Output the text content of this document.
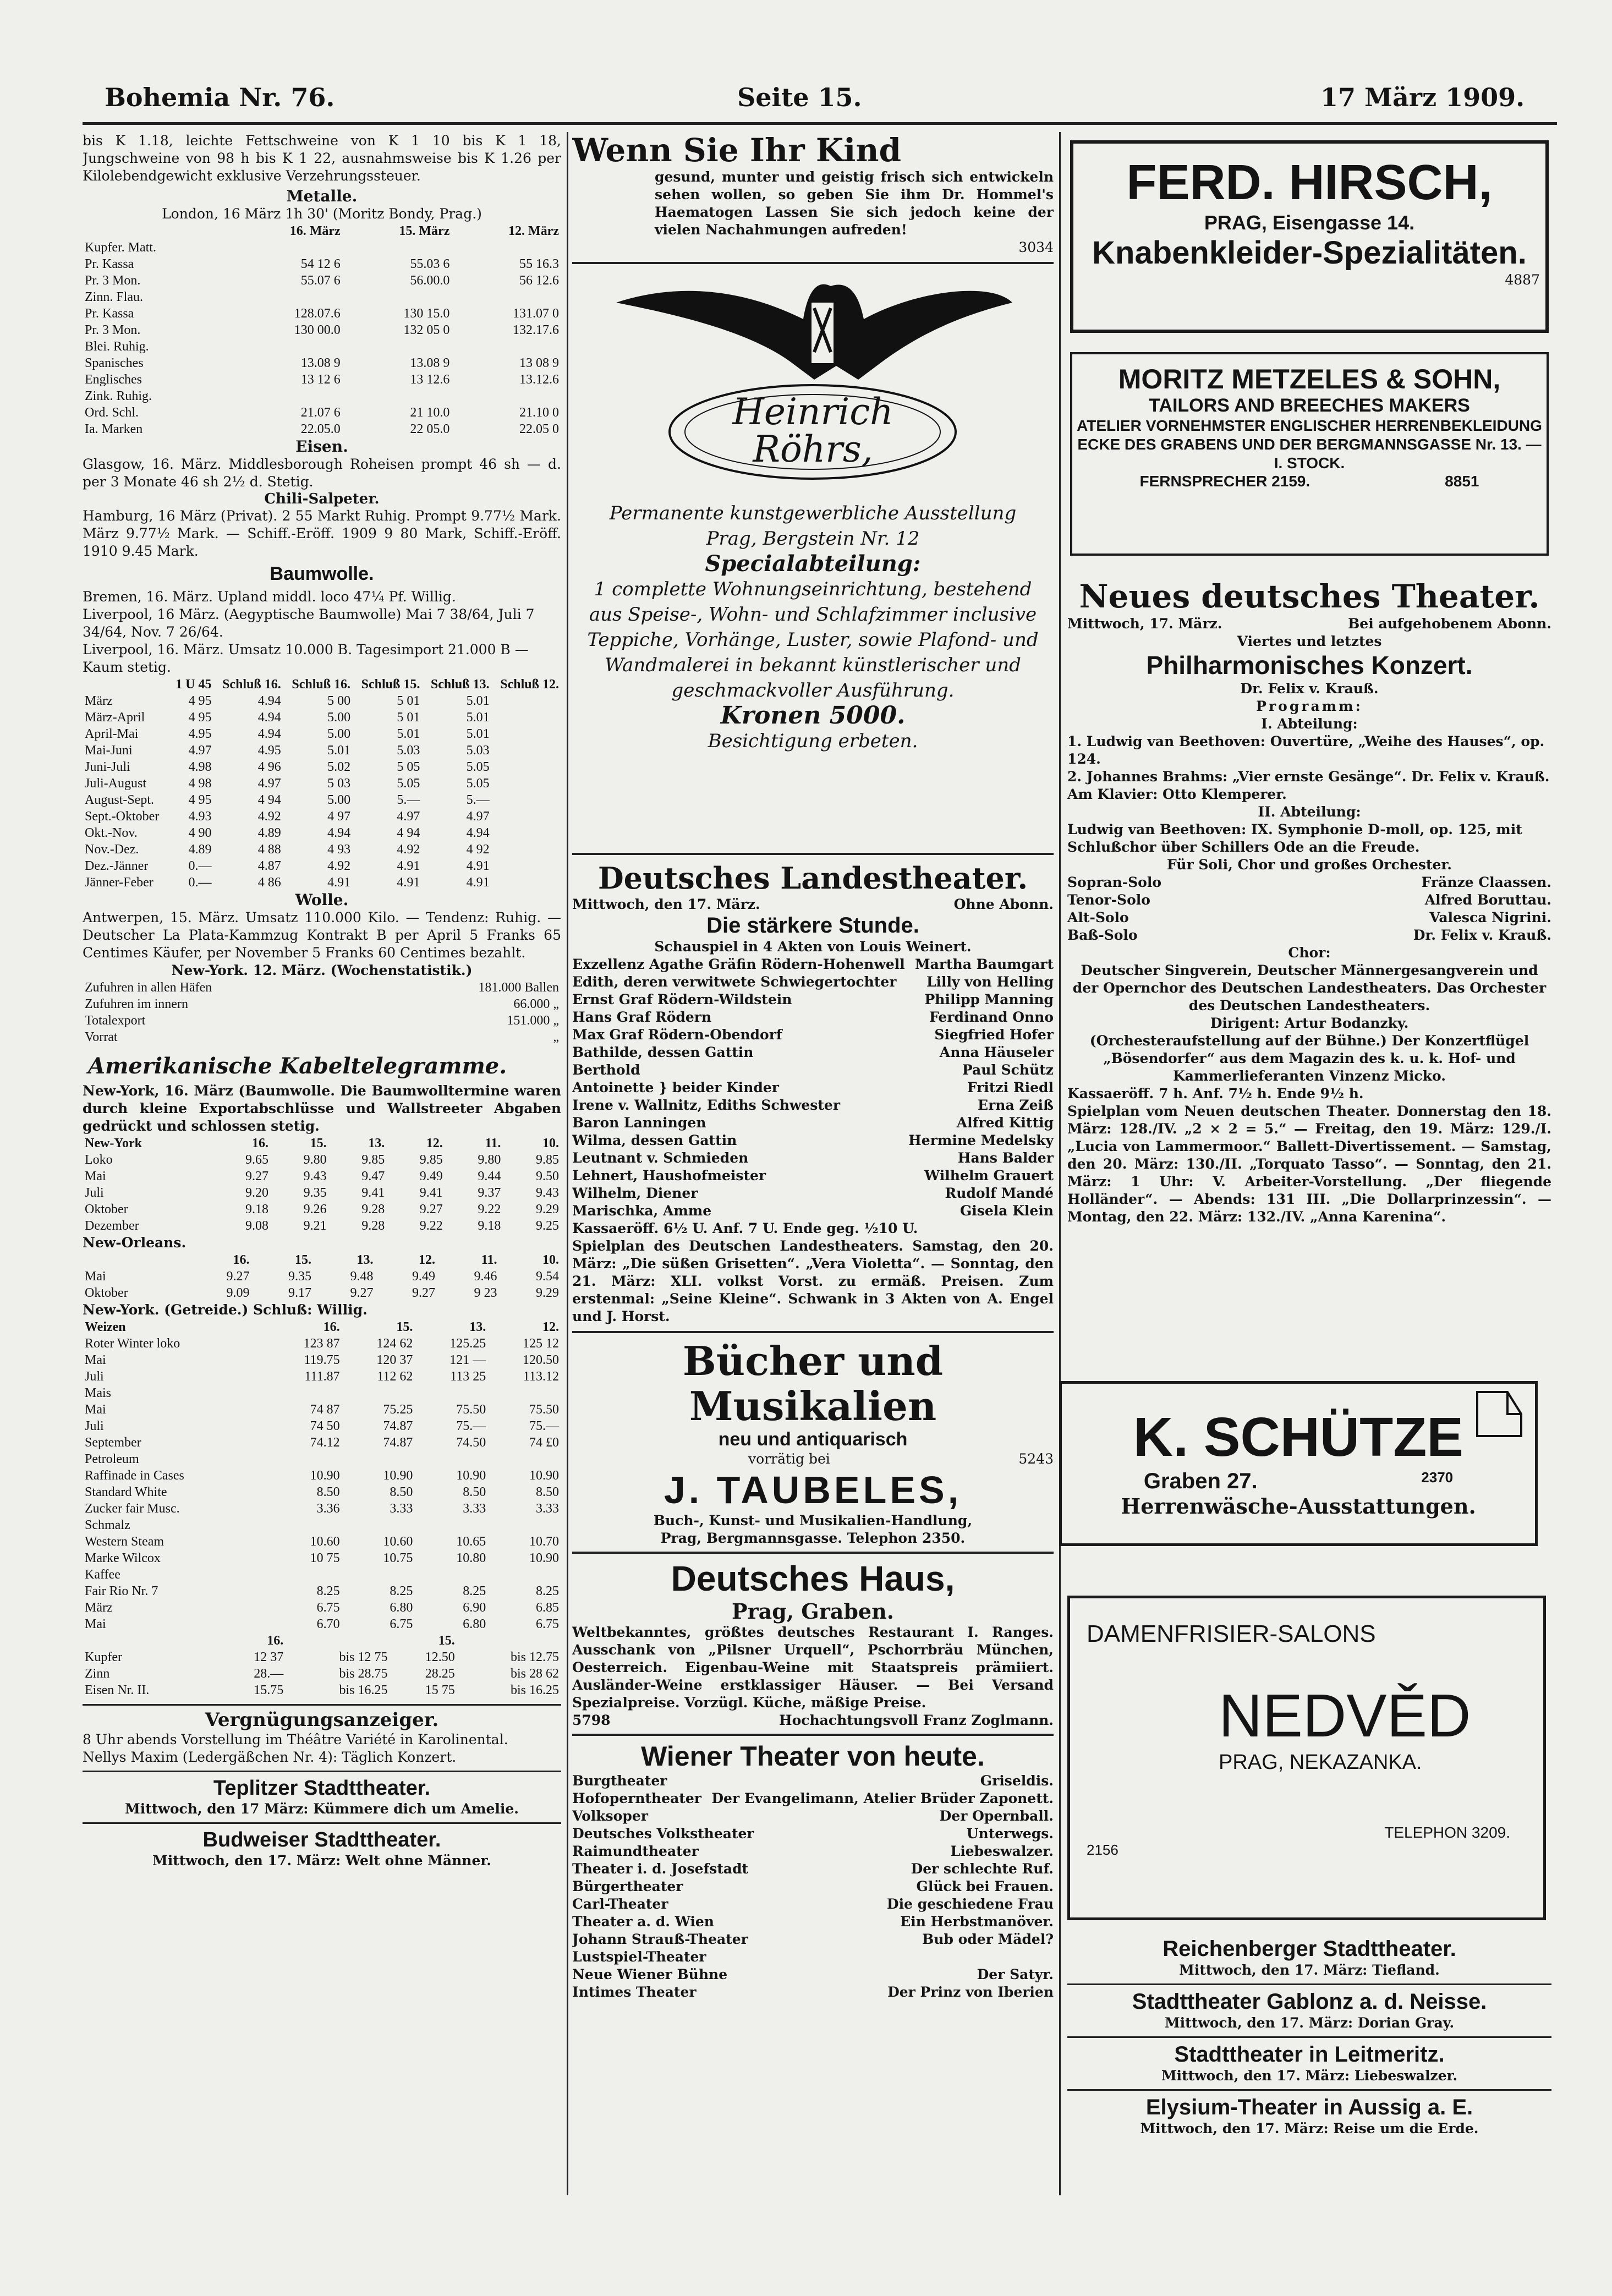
Bohemia Nr. 76.	Seite 15.	17 März 1909.
bis K 1.18, leichte Fettschweine von K 1 10 bis K 1 18, Jungschweine von 98 h bis K 1 22, ausnahmsweise bis K 1.26 per Kilolebendgewicht exklusive Verzehrungssteuer.
Metalle.
London, 16 März 1h 30' (Moritz Bondy, Prag.)
	16. März	15. März	12. März
Kupfer. Matt.			
Pr. Kassa	54 12 6	55.03 6	55 16.3
Pr. 3 Mon.	55.07 6	56.00.0	56 12.6
Zinn. Flau.			
Pr. Kassa	128.07.6	130 15.0	131.07 0
Pr. 3 Mon.	130 00.0	132 05 0	132.17.6
Blei. Ruhig.			
Spanisches	13.08 9	13.08 9	13 08 9
Englisches	13 12 6	13 12.6	13.12.6
Zink. Ruhig.			
Ord. Schl.	21.07 6	21 10.0	21.10 0
Ia. Marken	22.05.0	22 05.0	22.05 0
Eisen.
Glasgow, 16. März. Middlesborough Roheisen prompt 46 sh — d. per 3 Monate 46 sh 2½ d. Stetig.
Chili-Salpeter.
Hamburg, 16 März (Privat). 2 55 Markt Ruhig. Prompt 9.77½ Mark. März 9.77½ Mark. — Schiff.-Eröff. 1909 9 80 Mark, Schiff.-Eröff. 1910 9.45 Mark.
Baumwolle.
Bremen, 16. März. Upland middl. loco 47¼ Pf. Willig.
Liverpool, 16 März. (Aegyptische Baumwolle) Mai 7 38/64, Juli 7 34/64, Nov. 7 26/64.
Liverpool, 16. März. Umsatz 10.000 B. Tagesimport 21.000 B — Kaum stetig.
	1 U 45	Schluß 16.	Schluß 16.	Schluß 15.	Schluß 13.	Schluß 12.
März	4 95	4.94	5 00	5 01	5.01	
März-April	4 95	4.94	5.00	5 01	5.01	
April-Mai	4.95	4.94	5.00	5.01	5.01	
Mai-Juni	4.97	4.95	5.01	5.03	5.03	
Juni-Juli	4.98	4 96	5.02	5 05	5.05	
Juli-August	4 98	4.97	5 03	5.05	5.05	
August-Sept.	4 95	4 94	5.00	5.—	5.—	
Sept.-Oktober	4.93	4.92	4 97	4.97	4.97	
Okt.-Nov.	4 90	4.89	4.94	4 94	4.94	
Nov.-Dez.	4.89	4 88	4 93	4.92	4 92	
Dez.-Jänner	0.—	4.87	4.92	4.91	4.91	
Jänner-Feber	0.—	4 86	4.91	4.91	4.91	
Wolle.
Antwerpen, 15. März. Umsatz 110.000 Kilo. — Tendenz: Ruhig. — Deutscher La Plata-Kammzug Kontrakt B per April 5 Franks 65 Centimes Käufer, per November 5 Franks 60 Centimes bezahlt.
New-York. 12. März. (Wochenstatistik.)
Zufuhren in allen Häfen	181.000 Ballen
Zufuhren im innern	66.000 „
Totalexport	151.000 „
Vorrat	„
Amerikanische Kabeltelegramme.
New-York, 16. März (Baumwolle. Die Baumwolltermine waren durch kleine Exportabschlüsse und Wallstreeter Abgaben gedrückt und schlossen stetig.
New-York	16.	15.	13.	12.	11.	10.
Loko	9.65	9.80	9.85	9.85	9.80	9.85
Mai	9.27	9.43	9.47	9.49	9.44	9.50
Juli	9.20	9.35	9.41	9.41	9.37	9.43
Oktober	9.18	9.26	9.28	9.27	9.22	9.29
Dezember	9.08	9.21	9.28	9.22	9.18	9.25
New-Orleans.
	16.	15.	13.	12.	11.	10.
Mai	9.27	9.35	9.48	9.49	9.46	9.54
Oktober	9.09	9.17	9.27	9.27	9 23	9.29
New-York. (Getreide.) Schluß: Willig.
Weizen	16.	15.	13.	12.
Roter Winter loko	123 87	124 62	125.25	125 12
Mai	119.75	120 37	121 —	120.50
Juli	111.87	112 62	113 25	113.12
Mais				
Mai	74 87	75.25	75.50	75.50
Juli	74 50	74.87	75.—	75.—
September	74.12	74.87	74.50	74 £0
Petroleum				
Raffinade in Cases	10.90	10.90	10.90	10.90
Standard White	8.50	8.50	8.50	8.50
Zucker fair Musc.	3.36	3.33	3.33	3.33
Schmalz				
Western Steam	10.60	10.60	10.65	10.70
Marke Wilcox	10 75	10.75	10.80	10.90
Kaffee				
Fair Rio Nr. 7	8.25	8.25	8.25	8.25
März	6.75	6.80	6.90	6.85
Mai	6.70	6.75	6.80	6.75
	16.		15.	
Kupfer	12 37	bis 12 75	12.50	bis 12.75
Zinn	28.—	bis 28.75	28.25	bis 28 62
Eisen Nr. II.	15.75	bis 16.25	15 75	bis 16.25
Vergnügungsanzeiger.
8 Uhr abends Vorstellung im Théâtre Variété in Karolinental.
Nellys Maxim (Ledergäßchen Nr. 4): Täglich Konzert.
Teplitzer Stadttheater.
Mittwoch, den 17 März: Kümmere dich um Amelie.
Budweiser Stadttheater.
Mittwoch, den 17. März: Welt ohne Männer.
Wenn Sie Ihr Kind
gesund, munter und geistig frisch sich entwickeln sehen wollen, so geben Sie ihm Dr. Hommel's Haematogen Lassen Sie sich jedoch keine der vielen Nachahmungen aufreden!
3034
Heinrich
Röhrs,
Permanente kunstgewerbliche Ausstellung
Prag, Bergstein Nr. 12
Specialabteilung:
1 complette Wohnungseinrichtung, bestehend aus Speise-, Wohn- und Schlafzimmer inclusive Teppiche, Vorhänge, Luster, sowie Plafond- und Wandmalerei in bekannt künstlerischer und geschmackvoller Ausführung.
Kronen 5000.
Besichtigung erbeten.
Deutsches Landestheater.
Mittwoch, den 17. März.	Ohne Abonn.
Die stärkere Stunde.
Schauspiel in 4 Akten von Louis Weinert.
Exzellenz Agathe Gräfin Rödern-Hohenwell Martha Baumgart
Edith, deren verwitwete Schwiegertochter Lilly von Helling
Ernst Graf Rödern-Wildstein	Philipp Manning
Hans Graf Rödern	Ferdinand Onno
Max Graf Rödern-Obendorf	Siegfried Hofer
Bathilde, dessen Gattin	Anna Häuseler
Berthold	Paul Schütz
Antoinette } beider Kinder	Fritzi Riedl
Irene v. Wallnitz, Ediths Schwester	Erna Zeiß
Baron Lanningen	Alfred Kittig
Wilma, dessen Gattin	Hermine Medelsky
Leutnant v. Schmieden	Hans Balder
Lehnert, Haushofmeister	Wilhelm Grauert
Wilhelm, Diener	Rudolf Mandé
Marischka, Amme	Gisela Klein
Kassaeröff. 6½ U. Anf. 7 U. Ende geg. ½10 U.
Spielplan des Deutschen Landestheaters. Samstag, den 20. März: „Die süßen Grisetten“. „Vera Violetta“. — Sonntag, den 21. März: XLI. volkst Vorst. zu ermäß. Preisen. Zum erstenmal: „Seine Kleine“. Schwank in 3 Akten von A. Engel und J. Horst.
Bücher und Musikalien
neu und antiquarisch
vorrätig bei	5243
J. TAUBELES,
Buch-, Kunst- und Musikalien-Handlung,
Prag, Bergmannsgasse. Telephon 2350.
Deutsches Haus,
Prag, Graben.
Weltbekanntes, größtes deutsches Restaurant I. Ranges. Ausschank von „Pilsner Urquell“, Pschorrbräu München, Oesterreich. Eigenbau-Weine mit Staatspreis prämiiert. Ausländer-Weine erstklassiger Häuser. — Bei Versand Spezialpreise. Vorzügl. Küche, mäßige Preise.
5798	Hochachtungsvoll Franz Zoglmann.
Wiener Theater von heute.
Burgtheater	Griseldis.
Hofoperntheater Der Evangelimann, Atelier Brüder Zaponett.
Volksoper	Der Opernball.
Deutsches Volkstheater	Unterwegs.
Raimundtheater	Liebeswalzer.
Theater i. d. Josefstadt	Der schlechte Ruf.
Bürgertheater	Glück bei Frauen.
Carl-Theater	Die geschiedene Frau
Theater a. d. Wien	Ein Herbstmanöver.
Johann Strauß-Theater	Bub oder Mädel?
Lustspiel-Theater
Neue Wiener Bühne	Der Satyr.
Intimes Theater	Der Prinz von Iberien
FERD. HIRSCH,
PRAG, Eisengasse 14.
Knabenkleider-Spezialitäten.
4887
MORITZ METZELES & SOHN,
TAILORS AND BREECHES MAKERS
ATELIER VORNEHMSTER ENGLISCHER HERRENBEKLEIDUNG
ECKE DES GRABENS UND DER BERGMANNSGASSE Nr. 13. — I. STOCK.
FERNSPRECHER 2159.	8851
Neues deutsches Theater.
Mittwoch, 17. März.	Bei aufgehobenem Abonn.
Viertes und letztes
Philharmonisches Konzert.
Dr. Felix v. Krauß.
Programm:
I. Abteilung:
1. Ludwig van Beethoven: Ouvertüre, „Weihe des Hauses“, op. 124.
2. Johannes Brahms: „Vier ernste Gesänge“. Dr. Felix v. Krauß. Am Klavier: Otto Klemperer.
II. Abteilung:
Ludwig van Beethoven: IX. Symphonie D-moll, op. 125, mit Schlußchor über Schillers Ode an die Freude.
Für Soli, Chor und großes Orchester.
Sopran-Solo	Fränze Claassen.
Tenor-Solo	Alfred Boruttau.
Alt-Solo	Valesca Nigrini.
Baß-Solo	Dr. Felix v. Krauß.
Chor:
Deutscher Singverein, Deutscher Männergesangverein und der Opernchor des Deutschen Landestheaters. Das Orchester des Deutschen Landestheaters.
Dirigent: Artur Bodanzky.
(Orchesteraufstellung auf der Bühne.) Der Konzertflügel „Bösendorfer“ aus dem Magazin des k. u. k. Hof- und Kammerlieferanten Vinzenz Micko.
Kassaeröff. 7 h. Anf. 7½ h. Ende 9½ h.
Spielplan vom Neuen deutschen Theater. Donnerstag den 18. März: 128./IV. „2 × 2 = 5.“ — Freitag, den 19. März: 129./I. „Lucia von Lammermoor.“ Ballett-Divertissement. — Samstag, den 20. März: 130./II. „Torquato Tasso“. — Sonntag, den 21. März: 1 Uhr: V. Arbeiter-Vorstellung. „Der fliegende Holländer“. — Abends: 131 III. „Die Dollarprinzessin“. — Montag, den 22. März: 132./IV. „Anna Karenina“.
K. SCHÜTZE
Graben 27.	2370
Herrenwäsche-Ausstattungen.
DAMENFRISIER-SALONS
NEDVĚD
PRAG, NEKAZANKA.
TELEPHON 3209.
2156
Reichenberger Stadttheater.
Mittwoch, den 17. März: Tiefland.
Stadttheater Gablonz a. d. Neisse.
Mittwoch, den 17. März: Dorian Gray.
Stadttheater in Leitmeritz.
Mittwoch, den 17. März: Liebeswalzer.
Elysium-Theater in Aussig a. E.
Mittwoch, den 17. März: Reise um die Erde.
